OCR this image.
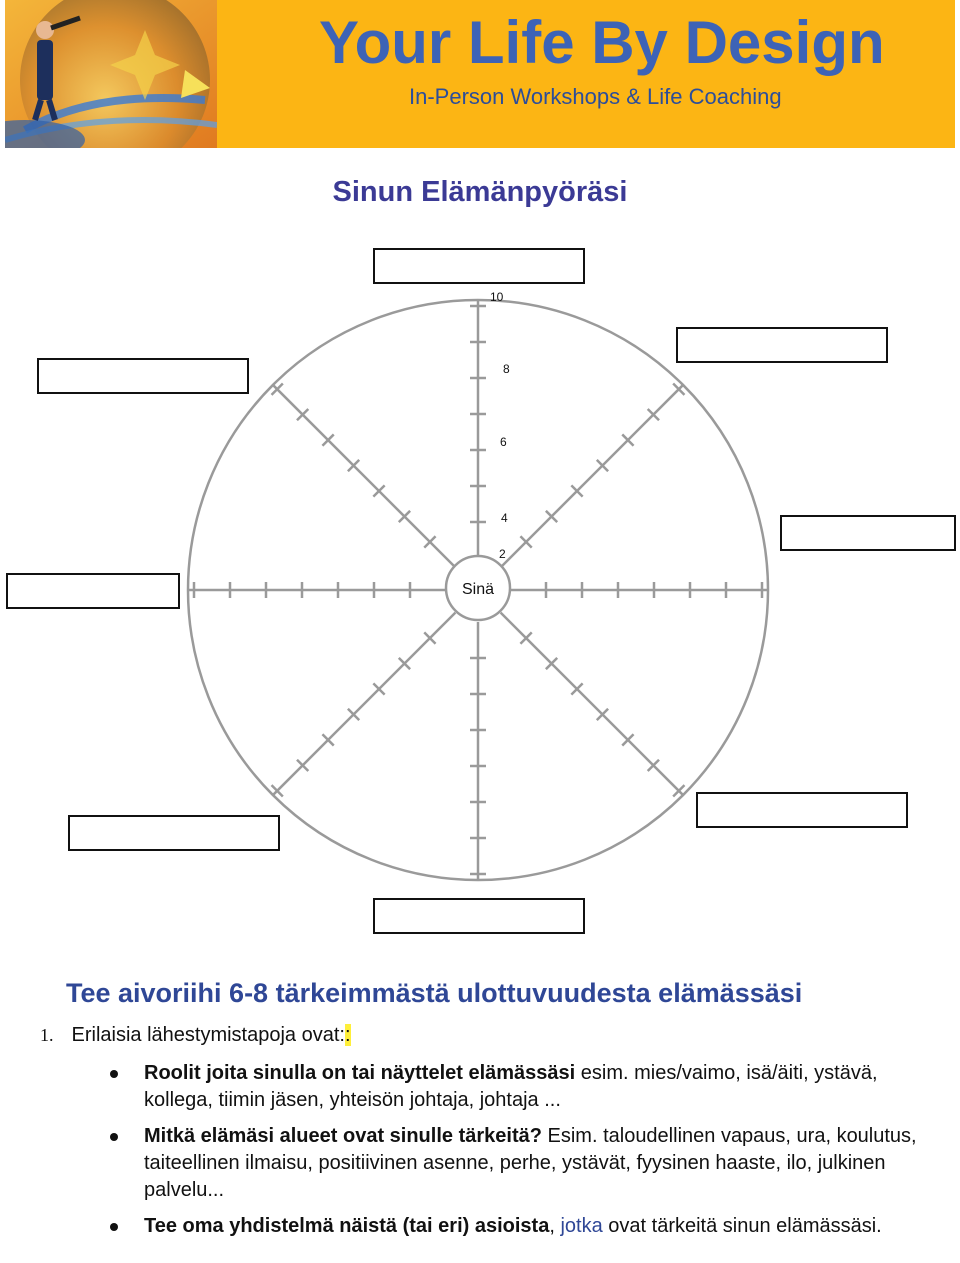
Your Life By Design
In-Person Workshops & Life Coaching
Sinun Elämänpyöräsi
Sinä
10
8
6
4
2
Tee aivoriihi 6-8 tärkeimmästä ulottuvuudesta elämässäsi
1. Erilaisia lähestymistapoja ovat::
Roolit joita sinulla on tai näyttelet elämässäsi esim. mies/vaimo, isä/äiti, ystävä, kollega, tiimin jäsen, yhteisön johtaja, johtaja ...
Mitkä elämäsi alueet ovat sinulle tärkeitä? Esim. taloudellinen vapaus, ura, koulutus, taiteellinen ilmaisu, positiivinen asenne, perhe, ystävät, fyysinen haaste, ilo, julkinen palvelu...
Tee oma yhdistelmä näistä (tai eri) asioista, jotka ovat tärkeitä sinun elämässäsi.
